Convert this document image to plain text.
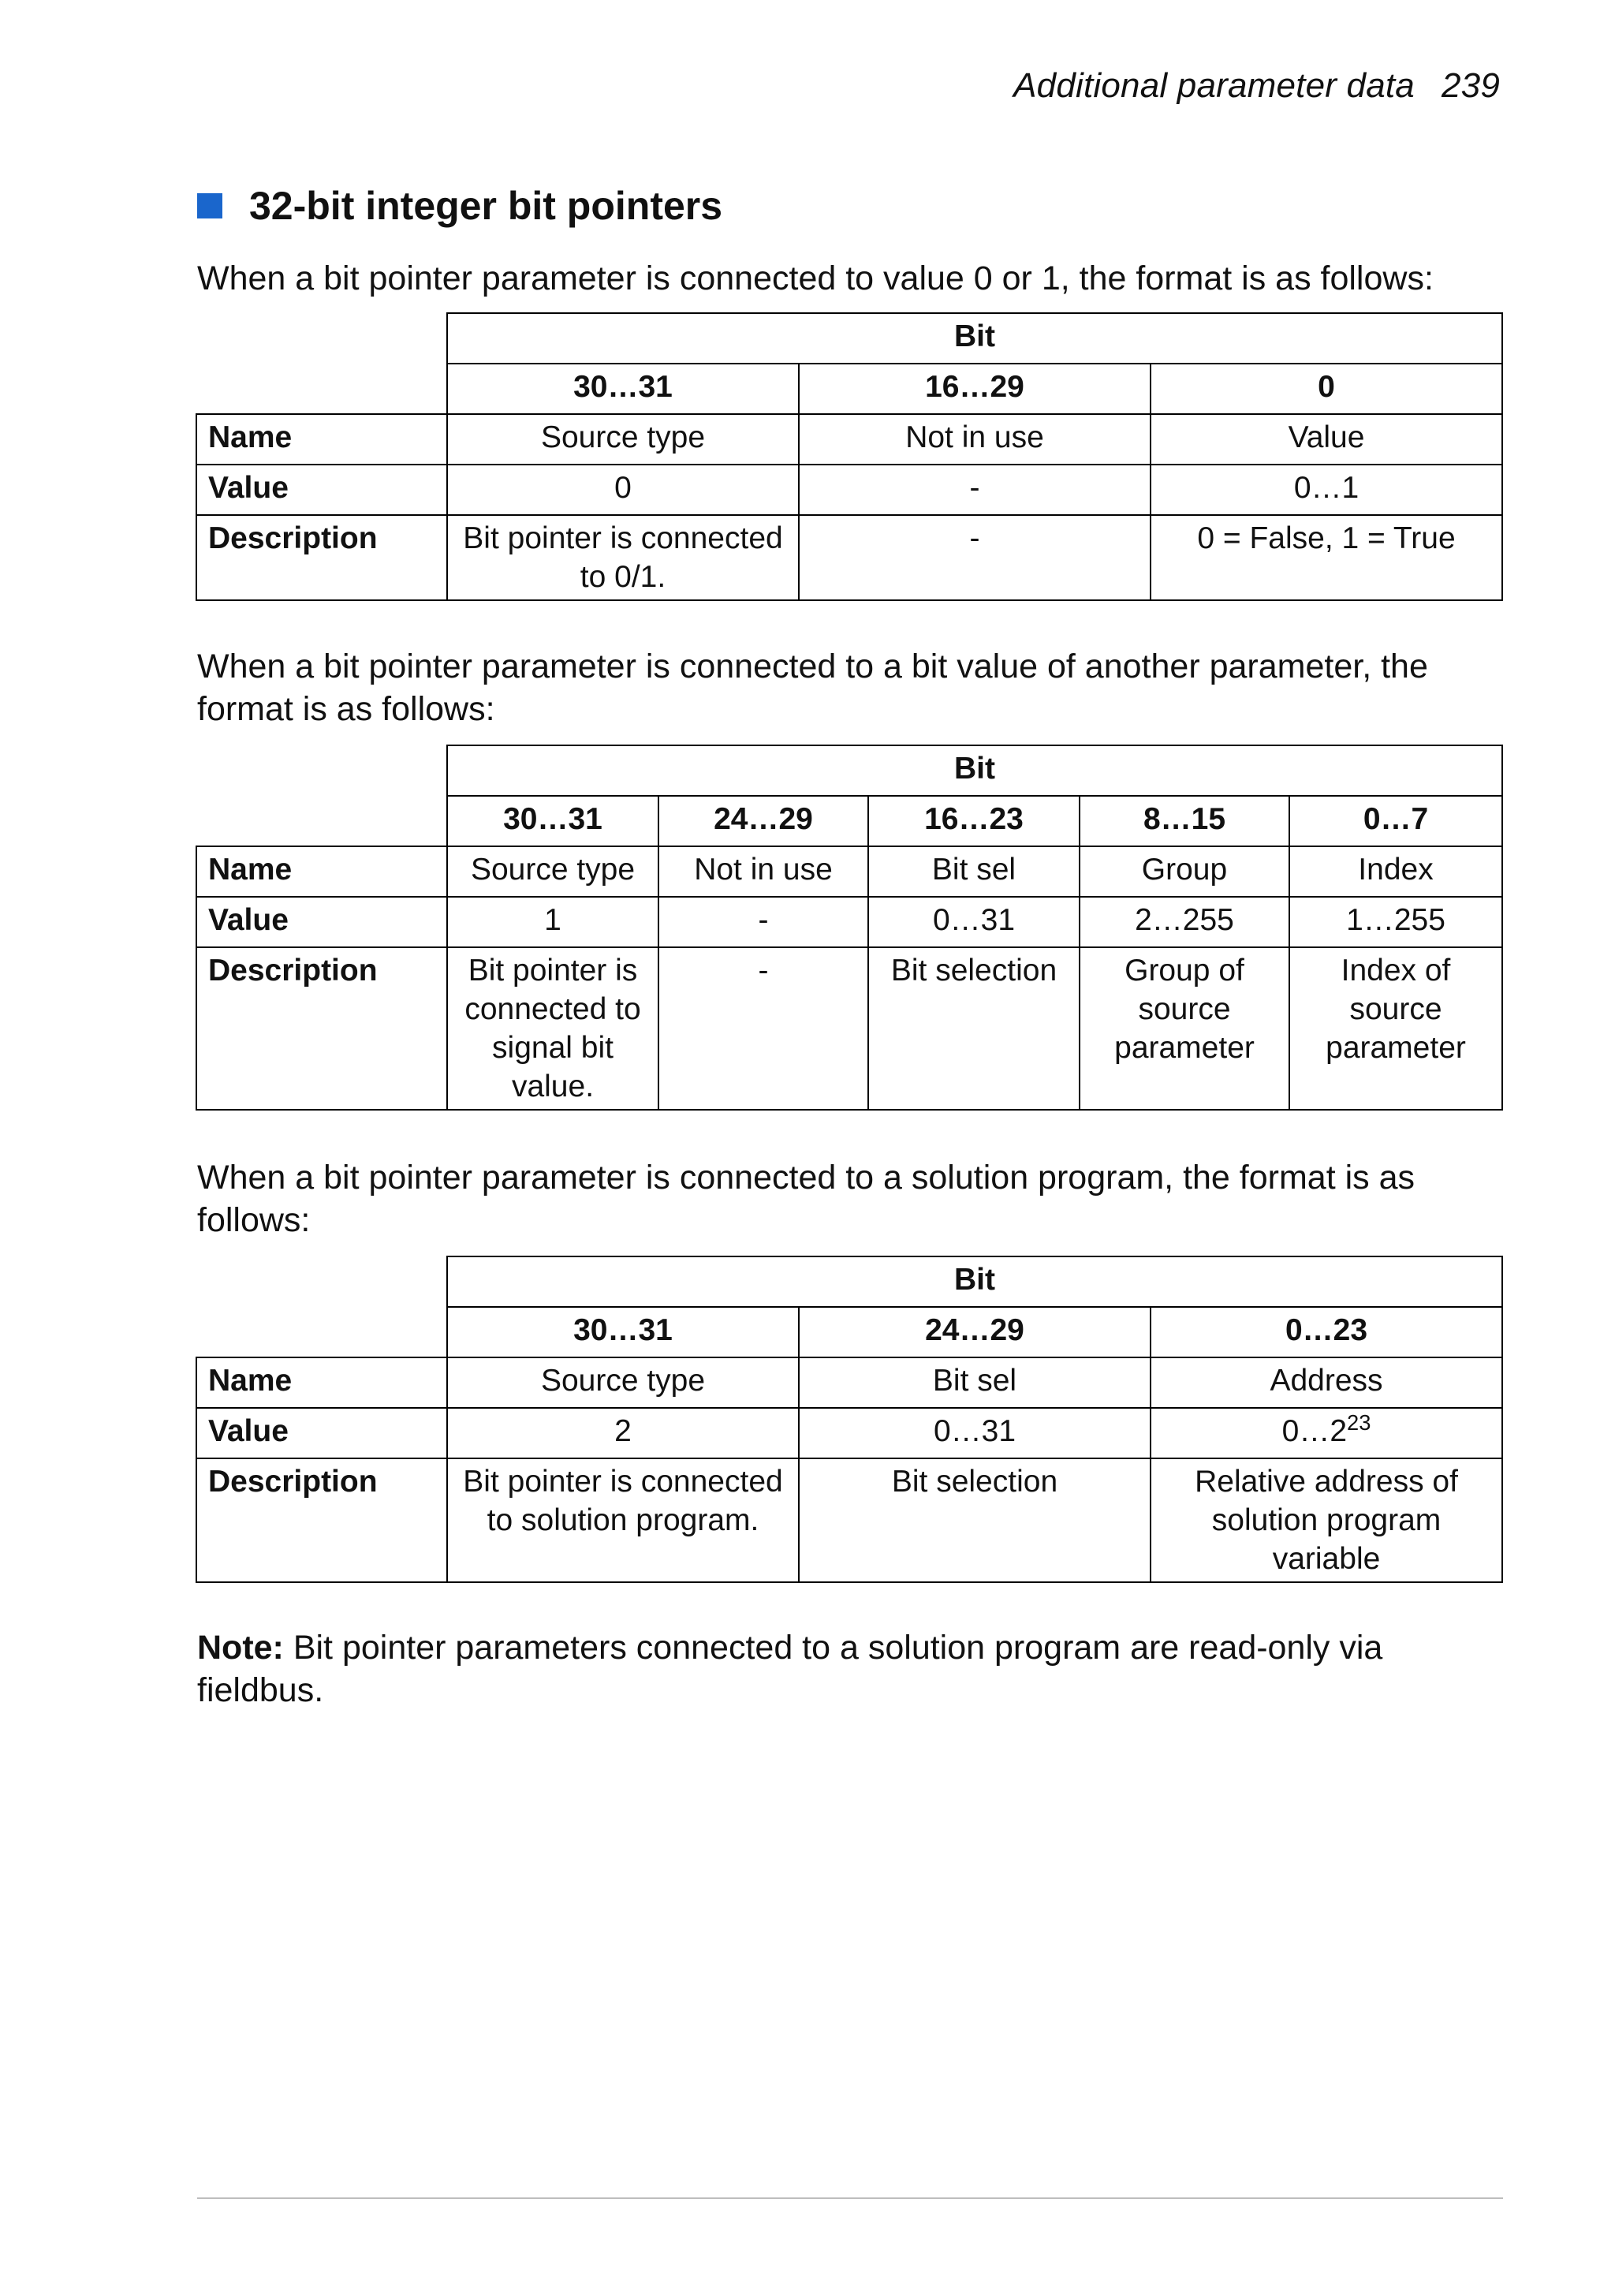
Additional parameter data 239
32-bit integer bit pointers
When a bit pointer parameter is connected to value 0 or 1, the format is as follows:
	Bit		
	30…31	16…29	0
Name	Source type	Not in use	Value
Value	0	-	0…1
Description	Bit pointer is connected to 0/1.	-	0 = False, 1 = True
When a bit pointer parameter is connected to a bit value of another parameter, the format is as follows:
	Bit				
	30…31	24…29	16…23	8…15	0…7
Name	Source type	Not in use	Bit sel	Group	Index
Value	1	-	0…31	2…255	1…255
Description	Bit pointer is connected to signal bit value.	-	Bit selection	Group of source parameter	Index of source parameter
When a bit pointer parameter is connected to a solution program, the format is as follows:
	Bit		
	30…31	24…29	0…23
Name	Source type	Bit sel	Address
Value	2	0…31	$0\dots 2^{23}$
Description	Bit pointer is connected to solution program.	Bit selection	Relative address of solution program variable
Note: Bit pointer parameters connected to a solution program are read-only via fieldbus.
